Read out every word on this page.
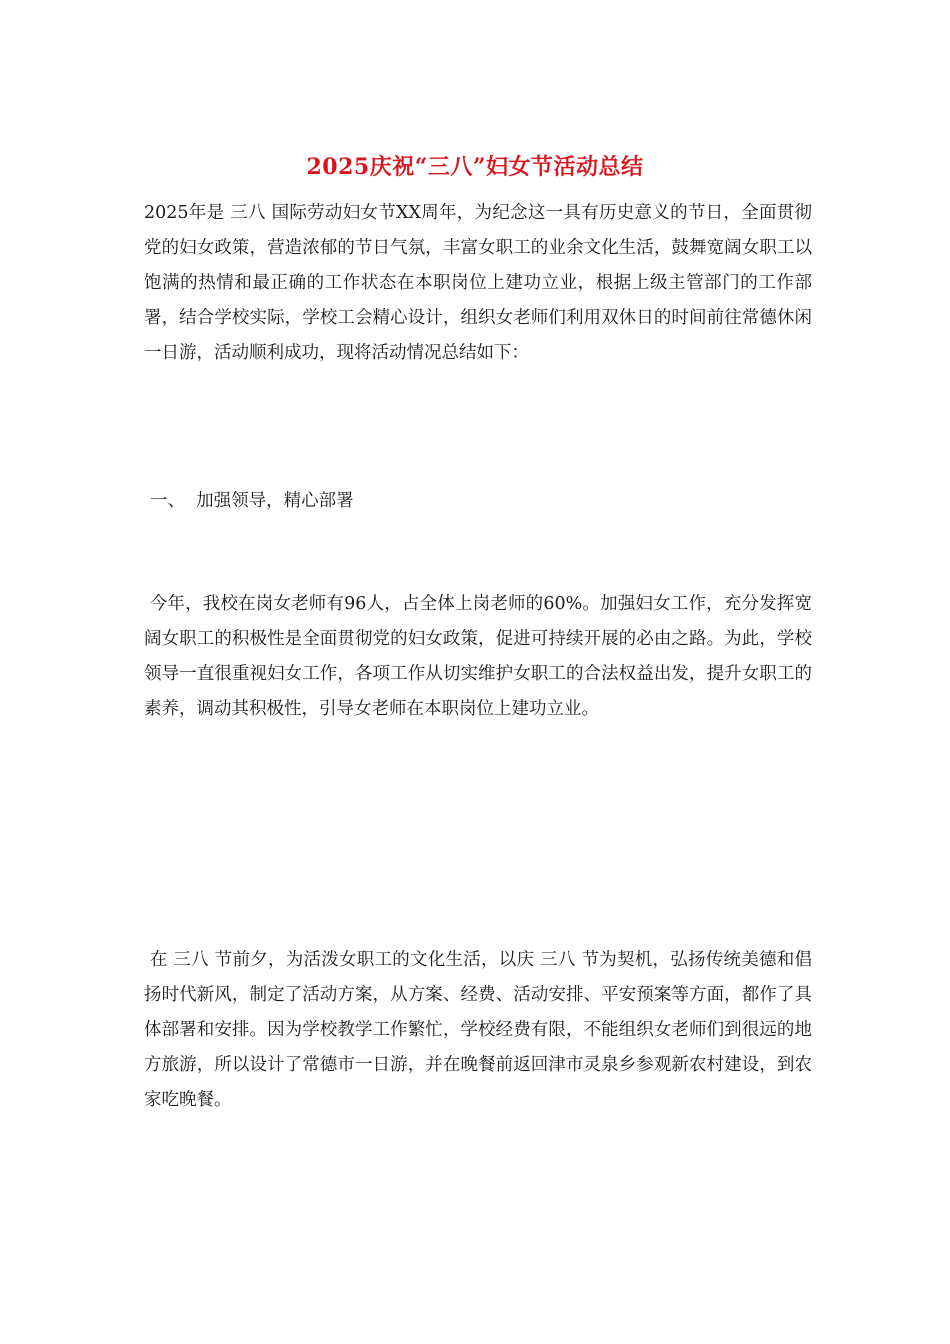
2025庆祝“三八”妇女节活动总结

2025年是 三八 国际劳动妇女节XX周年，为纪念这一具有历史意义的节日，全面贯彻党的妇女政策，营造浓郁的节日气氛，丰富女职工的业余文化生活，鼓舞宽阔女职工以饱满的热情和最正确的工作状态在本职岗位上建功立业，根据上级主管部门的工作部署，结合学校实际，学校工会精心设计，组织女老师们利用双休日的时间前往常德休闲一日游，活动顺利成功，现将活动情况总结如下：

一、  加强领导，精心部署

今年，我校在岗女老师有96人，占全体上岗老师的60%。加强妇女工作，充分发挥宽阔女职工的积极性是全面贯彻党的妇女政策，促进可持续开展的必由之路。为此，学校领导一直很重视妇女工作，各项工作从切实维护女职工的合法权益出发，提升女职工的素养，调动其积极性，引导女老师在本职岗位上建功立业。

在 三八 节前夕，为活泼女职工的文化生活，以庆 三八 节为契机，弘扬传统美德和倡扬时代新风，制定了活动方案，从方案、经费、活动安排、平安预案等方面，都作了具体部署和安排。因为学校教学工作繁忙，学校经费有限，不能组织女老师们到很远的地方旅游，所以设计了常德市一日游，并在晚餐前返回津市灵泉乡参观新农村建设，到农家吃晚餐。
